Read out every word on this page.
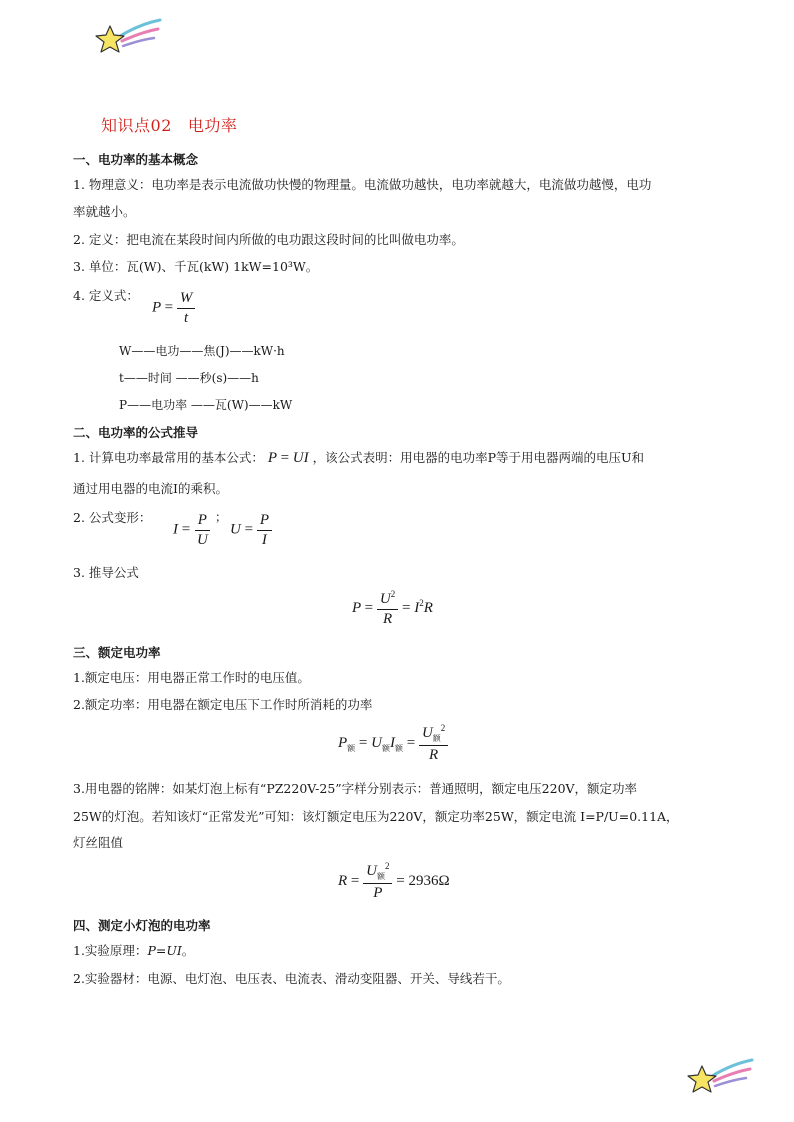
知识点02 电功率
一、电功率的基本概念
1. 物理意义：电功率是表示电流做功快慢的物理量。电流做功越快，电功率就越大，电流做功越慢，电功
率就越小。
2. 定义：把电流在某段时间内所做的电功跟这段时间的比叫做电功率。
3. 单位：瓦(W)、千瓦(kW) 1kW=10³W。
4. 定义式：
$P = \frac{W}{t}$
W——电功——焦(J)——kW·h
t——时间 ——秒(s)——h
P——电功率 ——瓦(W)——kW
二、电功率的公式推导
1. 计算电功率最常用的基本公式： P = UI ，该公式表明：用电器的电功率P等于用电器两端的电压U和
通过用电器的电流I的乘积。
2. 公式变形：
$I = \frac{P}{U}$ ；
$U = \frac{P}{I}$
3. 推导公式
$P = \frac{U^2}{R} = I^2R$
三、额定电功率
1.额定电压：用电器正常工作时的电压值。
2.额定功率：用电器在额定电压下工作时所消耗的功率
$P_额 = U_额I_额 = \frac{U_额^2}{R}$
3.用电器的铭牌：如某灯泡上标有“PZ220V-25”字样分别表示：普通照明，额定电压220V，额定功率
25W的灯泡。若知该灯“正常发光”可知：该灯额定电压为220V，额定功率25W，额定电流 I=P/U=0.11A，
灯丝阻值
$R = \frac{U_额^2}{P} = 2936\Omega$
四、测定小灯泡的电功率
1.实验原理：P=UI。
2.实验器材：电源、电灯泡、电压表、电流表、滑动变阻器、开关、导线若干。
